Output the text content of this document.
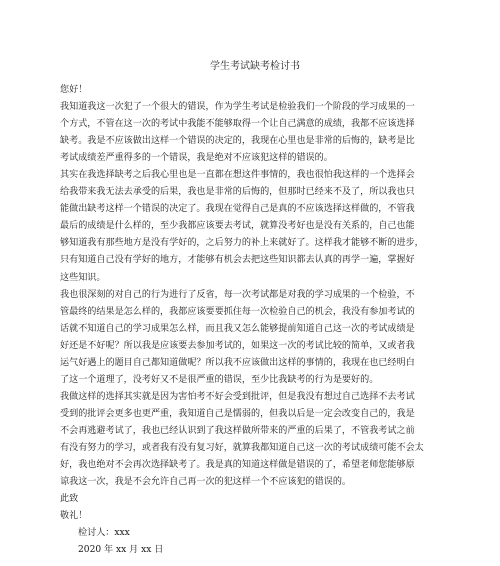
学生考试缺考检讨书
您好！
我知道我这一次犯了一个很大的错误，作为学生考试是检验我们一个阶段的学习成果的一
个方式，不管在这一次的考试中我能不能够取得一个让自己满意的成绩，我都不应该选择
缺考。我是不应该做出这样一个错误的决定的，我现在心里也是非常的后悔的，缺考是比
考试成绩差严重得多的一个错误，我是绝对不应该犯这样的错误的。
其实在我选择缺考之后我心里也是一直都在想这件事情的，我也很怕我这样的一个选择会
给我带来我无法去承受的后果，我也是非常的后悔的，但那时已经来不及了，所以我也只
能做出缺考这样一个错误的决定了。我现在觉得自己是真的不应该选择这样做的，不管我
最后的成绩是什么样的，至少我都应该要去考试，就算没考好也是没有关系的，自己也能
够知道我有那些地方是没有学好的，之后努力的补上来就好了。这样我才能够不断的进步，
只有知道自己没有学好的地方，才能够有机会去把这些知识都去认真的再学一遍，掌握好
这些知识。
我也很深刻的对自己的行为进行了反省，每一次考试都是对我的学习成果的一个检验，不
管最终的结果是怎么样的，我都应该要要抓住每一次检验自己的机会，我没有参加考试的
话就不知道自己的学习成果怎么样，而且我又怎么能够提前知道自己这一次的考试成绩是
好还是不好呢？所以我是应该要去参加考试的，如果这一次的考试比较的简单，又或者我
运气好遇上的题目自己都知道做呢？所以我不应该做出这样的事情的，我现在也已经明白
了这一个道理了，没考好又不是很严重的错误，至少比我缺考的行为是要好的。
我做这样的选择其实就是因为害怕考不好会受到批评，但是我没有想过自己选择不去考试
受到的批评会更多也更严重，我知道自己是懦弱的，但我以后是一定会改变自己的，我是
不会再逃避考试了，我也已经认识到了我这样做所带来的严重的后果了，不管我考试之前
有没有努力的学习，或者我有没有复习好，就算我都知道自己这一次的考试成绩可能不会太
好，我也绝对不会再次选择缺考了。我是真的知道这样做是错误的了，希望老师您能够原
谅我这一次，我是不会允许自己再一次的犯这样一个不应该犯的错误的。
此致
敬礼！
检讨人：xxx
2020 年 xx 月 xx 日
